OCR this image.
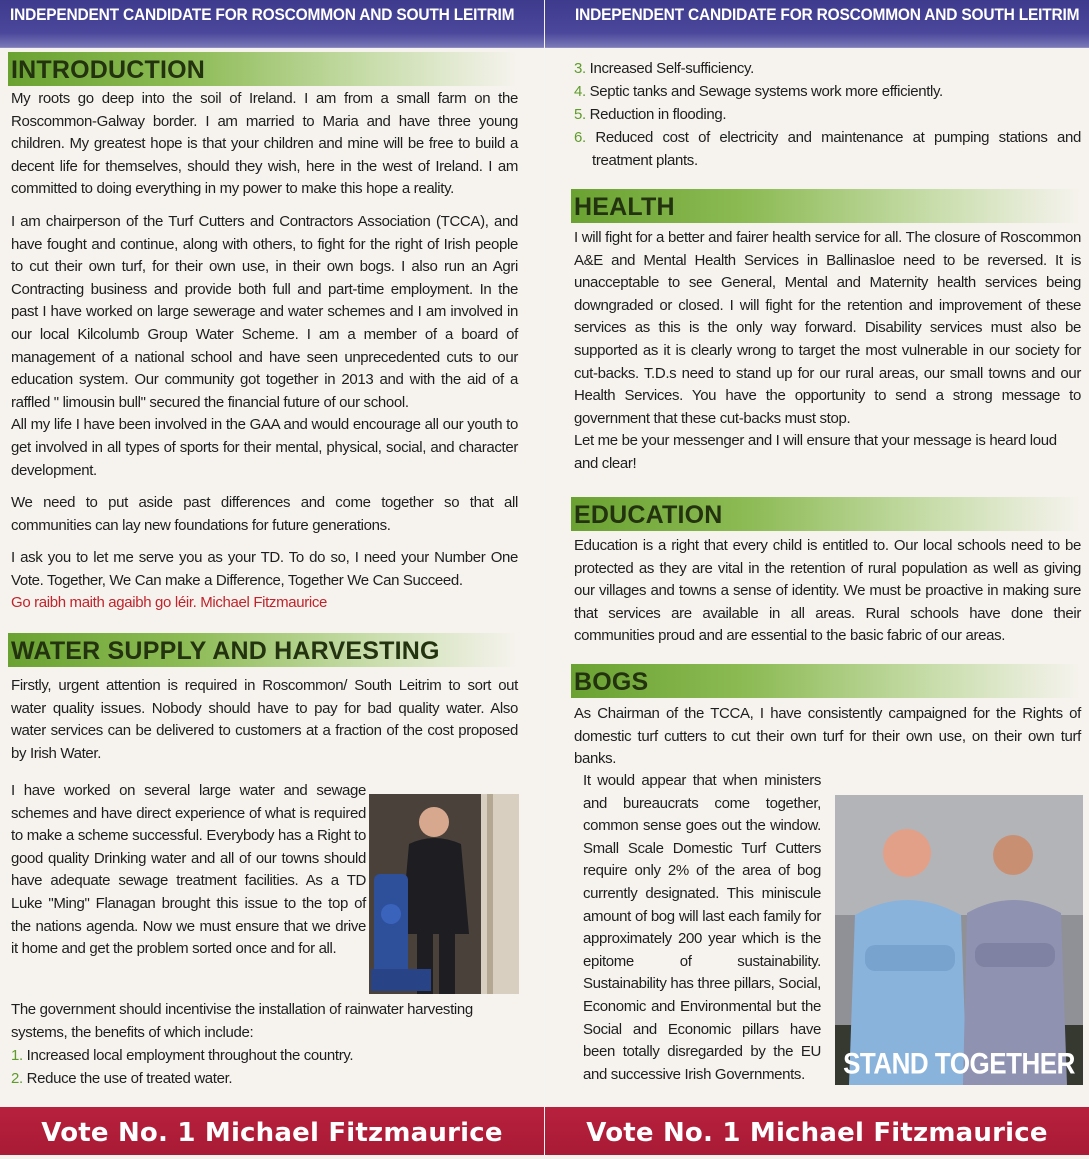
INDEPENDENT CANDIDATE FOR ROSCOMMON AND SOUTH LEITRIM
INTRODUCTION

My roots go deep into the soil of Ireland. I am from a small farm on the Roscommon-Galway border. I am married to Maria and have three young children. My greatest hope is that your children and mine will be free to build a decent life for themselves, should they wish, here in the west of Ireland. I am committed to doing everything in my power to make this hope a reality.

I am chairperson of the Turf Cutters and Contractors Association (TCCA), and have fought and continue, along with others, to fight for the right of Irish people to cut their own turf, for their own use, in their own bogs. I also run an Agri Contracting business and provide both full and part-time employment. In the past I have worked on large sewerage and water schemes and I am involved in our local Kilcolumb Group Water Scheme. I am a member of a board of management of a national school and have seen unprecedented cuts to our education system. Our community got together in 2013 and with the aid of a raffled " limousin bull" secured the financial future of our school.

All my life I have been involved in the GAA and would encourage all our youth to get involved in all types of sports for their mental, physical, social, and character development.

We need to put aside past differences and come together so that all communities can lay new foundations for future generations.

I ask you to let me serve you as your TD. To do so, I need your Number One Vote. Together, We Can make a Difference, Together We Can Succeed.

Go raibh maith agaibh go léir. Michael Fitzmaurice

WATER SUPPLY AND HARVESTING

Firstly, urgent attention is required in Roscommon/ South Leitrim to sort out water quality issues. Nobody should have to pay for bad quality water. Also water services can be delivered to customers at a fraction of the cost proposed by Irish Water.

I have worked on several large water and sewage schemes and have direct experience of what is required to make a scheme successful. Everybody has a Right to good quality Drinking water and all of our towns should have adequate sewage treatment facilities. As a TD Luke "Ming" Flanagan brought this issue to the top of the nations agenda. Now we must ensure that we drive it home and get the problem sorted once and for all.

The government should incentivise the installation of rainwater harvesting systems, the benefits of which include:

1. Increased local employment throughout the country.
2. Reduce the use of treated water.
Vote No. 1 Michael Fitzmaurice
INDEPENDENT CANDIDATE FOR ROSCOMMON AND SOUTH LEITRIM
3. Increased Self-sufficiency.
4. Septic tanks and Sewage systems work more efficiently.
5. Reduction in flooding.
6. Reduced cost of electricity and maintenance at pumping stations and treatment plants.
HEALTH

I will fight for a better and fairer health service for all. The closure of Roscommon A&E and Mental Health Services in Ballinasloe need to be reversed. It is unacceptable to see General, Mental and Maternity health services being downgraded or closed. I will fight for the retention and improvement of these services as this is the only way forward. Disability services must also be supported as it is clearly wrong to target the most vulnerable in our society for cut-backs. T.D.s need to stand up for our rural areas, our small towns and our Health Services. You have the opportunity to send a strong message to government that these cut-backs must stop.

Let me be your messenger and I will ensure that your message is heard loud and clear!

EDUCATION

Education is a right that every child is entitled to. Our local schools need to be protected as they are vital in the retention of rural population as well as giving our villages and towns a sense of identity. We must be proactive in making sure that services are available in all areas. Rural schools have done their communities proud and are essential to the basic fabric of our areas.

BOGS

As Chairman of the TCCA, I have consistently campaigned for the Rights of domestic turf cutters to cut their own turf for their own use, on their own turf banks.

It would appear that when ministers and bureaucrats come together, common sense goes out the window. Small Scale Domestic Turf Cutters require only 2% of the area of bog currently designated. This miniscule amount of bog will last each family for approximately 200 year which is the epitome of sustainability. Sustainability has three pillars, Social, Economic and Environmental but the Social and Economic pillars have been totally disregarded by the EU and successive Irish Governments.	STAND TOGETHER
Vote No. 1 Michael Fitzmaurice
